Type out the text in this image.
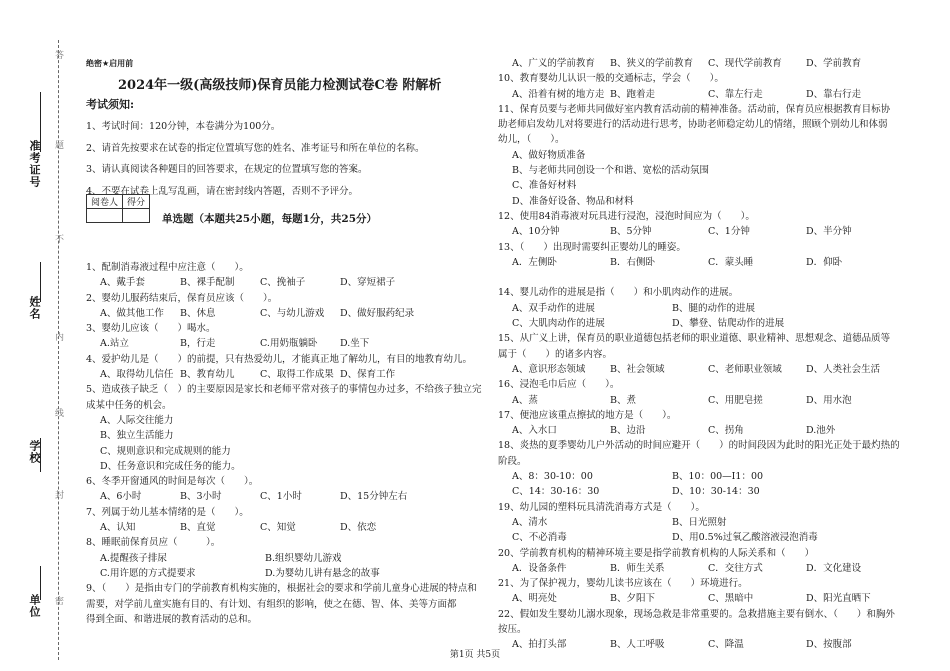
准考证号
姓名
学校
单位
答
题
不
内
线
封
密
绝密★启用前
2024年一级(高级技师)保育员能力检测试卷C卷 附解析
考试须知:
1、考试时间：120分钟，本卷满分为100分。
2、请首先按要求在试卷的指定位置填写您的姓名、准考证号和所在单位的名称。
3、请认真阅读各种题目的回答要求，在规定的位置填写您的答案。
4、不要在试卷上乱写乱画，请在密封线内答题，否则不予评分。
阅卷人	得分

单选题（本题共25小题，每题1分，共25分）
1、配制消毒液过程中应注意（　　）。
A、戴手套	B、裸手配制	C、挽袖子	D、穿短裙子
2、婴幼儿服药结束后，保育员应该（　　）。
A、做其他工作	B、休息	C、与幼儿游戏	D、做好服药纪录
3、婴幼儿应该（　　）喝水。
A.站立	B，行走	C.用奶瓶躺卧	D.坐下
4、爱护幼儿是（　　）的前提，只有热爱幼儿，才能真正地了解幼儿，有目的地教育幼儿。
A、取得幼儿信任 B、教育幼儿	C、取得工作成果 D、保育工作
5、造成孩子缺乏（　）的主要原因是家长和老师平常对孩子的事情包办过多，不给孩子独立完
成某中任务的机会。
A、人际交往能力
B、独立生活能力
C、规则意识和完成规则的能力
D、任务意识和完成任务的能力。
6、冬季开窗通风的时间是每次（　　）。
A、6小时	B、3小时	C、1小时	D、15分钟左右
7、列属于幼儿基本情绪的是（　　）。
A、认知	B、直觉	C、知觉	D、依恋
8、睡眠前保育员应（　　　）。
A.提醒孩子排尿	B.组织婴幼儿游戏
C.用许愿的方式提要求	D.为婴幼儿讲有悬念的故事
9、（　　）是指由专门的学前教育机构实施的，根据社会的要求和学前儿童身心进展的特点和
需要，对学前儿童实施有目的、有计划、有组织的影响，使之在德、智、体、美等方面都
得到全面、和谐进展的教育活动的总和。
A、广义的学前教育	B、狭义的学前教育	C、现代学前教育	D、学前教育
10、教育婴幼儿认识一般的交通标志，学会（　　）。
A、沿着有树的地方走 B、跑着走	C、靠左行走	D、靠右行走
11、保育员要与老师共同做好室内教育活动前的精神准备。活动前，保育员应根据教育目标协
助老师启发幼儿对将要进行的活动进行思考，协助老师稳定幼儿的情绪，照顾个别幼儿和体弱
幼儿，（　　）。
A、做好物质准备
B、与老师共同创设一个和谐、宽松的活动氛围
C、准备好材料
D、准备好设备、物品和材料
12、使用84消毒液对玩具进行浸泡，浸泡时间应为（　　）。
A、10分钟	B、5分钟	C、1分钟	D、半分钟
13、（　　）出现时需要纠正婴幼儿的睡姿。
A．左侧卧	B．右侧卧	C．蒙头睡	D．仰卧
14、婴儿动作的进展是指（　　）和小肌肉动作的进展。
A、双手动作的进展	B、腿的动作的进展
C、大肌肉动作的进展	D、攀登、钻爬动作的进展
15、从广义上讲，保育员的职业道德包括老师的职业道德、职业精神、思想观念、道德品质等
属于（　　）的诸多内容。
A、意识形态领域	B、社会领域	C、老师职业领域	D、人类社会生活
16、浸泡毛巾后应（　　）。
A、蒸	B、煮	C、用肥皂搓	D、用水泡
17、便池应该重点擦拭的地方是（　　）。
A、入水口	B、边沿	C、拐角	D.池外
18、炎热的夏季婴幼儿户外活动的时间应避开（　　）的时间段因为此时的阳光正处于最灼热的
阶段。
A、8：30-10：00	B、10：00—I1：00
C、14：30-16：30	D、10：30-14：30
19、幼儿园的塑料玩具清洗消毒方式是（　　）。
A、清水	B、日光照射
C、不必消毒	D、用0.5%过氧乙酸溶液浸泡消毒
20、学前教育机构的精神环境主要是指学前教育机构的人际关系和（　　）
A．设备条件	B．师生关系	C．交往方式	D．文化建设
21、为了保护视力，婴幼儿读书应该在（　　）环境进行。
A、明亮处	B、夕阳下	C、黑暗中	D、阳光直晒下
22、假如发生婴幼儿溺水现象，现场急救是非常重要的。急救措施主要有倒水、（　　）和胸外
按压。
A、拍打头部	B、人工呼吸	C、降温	D、按腹部
第1页 共5页
